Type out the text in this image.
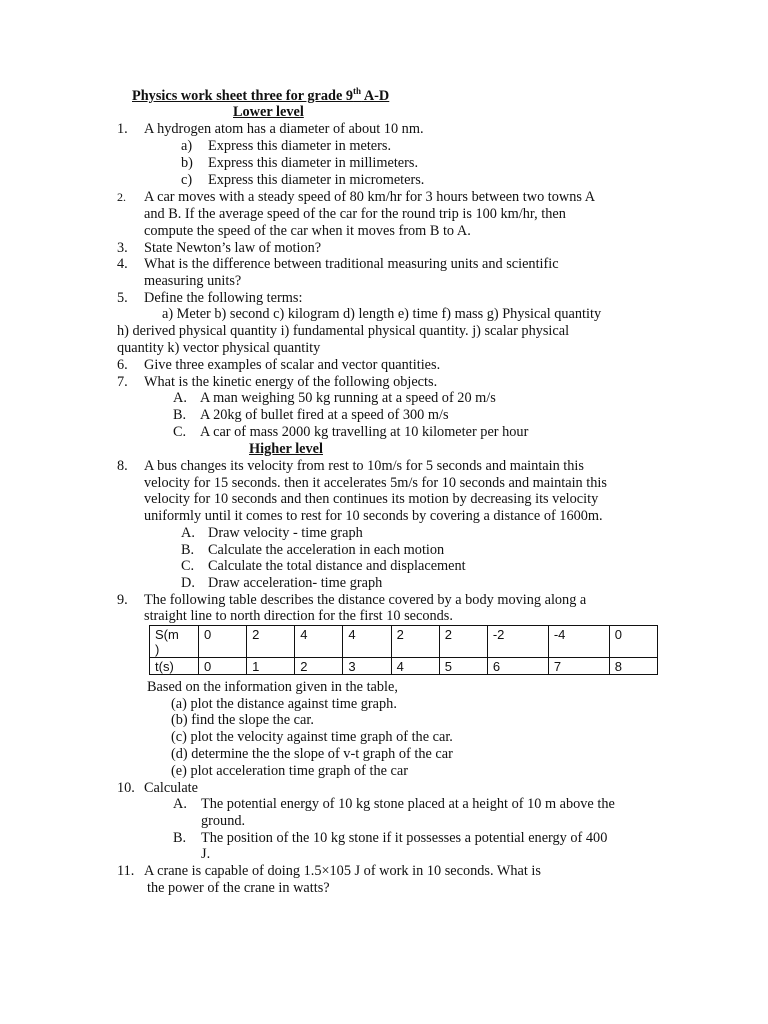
Physics work sheet three for grade 9th A-D
Lower level
1. A hydrogen atom has a diameter of about 10 nm.
a) Express this diameter in meters.
b) Express this diameter in millimeters.
c) Express this diameter in micrometers.
2. A car moves with a steady speed of 80 km/hr for 3 hours between two towns A
and B. If the average speed of the car for the round trip is 100 km/hr, then
compute the speed of the car when it moves from B to A.
3. State Newton’s law of motion?
4. What is the difference between traditional measuring units and scientific
measuring units?
5. Define the following terms:
a) Meter b) second c) kilogram d) length e) time f) mass g) Physical quantity
h) derived physical quantity i) fundamental physical quantity. j) scalar physical
quantity k) vector physical quantity
6. Give three examples of scalar and vector quantities.
7. What is the kinetic energy of the following objects.
A. A man weighing 50 kg running at a speed of 20 m/s
B. A 20kg of bullet fired at a speed of 300 m/s
C. A car of mass 2000 kg travelling at 10 kilometer per hour
Higher level
8. A bus changes its velocity from rest to 10m/s for 5 seconds and maintain this
velocity for 15 seconds. then it accelerates 5m/s for 10 seconds and maintain this
velocity for 10 seconds and then continues its motion by decreasing its velocity
uniformly until it comes to rest for 10 seconds by covering a distance of 1600m.
A. Draw velocity - time graph
B. Calculate the acceleration in each motion
C. Calculate the total distance and displacement
D. Draw acceleration- time graph
9. The following table describes the distance covered by a body moving along a
straight line to north direction for the first 10 seconds.
S(m
)	0	2	4	4	2	2	-2	-4	0
t(s)	0	1	2	3	4	5	6	7	8
Based on the information given in the table,
(a) plot the distance against time graph.
(b) find the slope the car.
(c) plot the velocity against time graph of the car.
(d) determine the the slope of v-t graph of the car
(e) plot acceleration time graph of the car
10. Calculate
A. The potential energy of 10 kg stone placed at a height of 10 m above the
ground.
B. The position of the 10 kg stone if it possesses a potential energy of 400
J.
11. A crane is capable of doing 1.5×105 J of work in 10 seconds. What is
the power of the crane in watts?
